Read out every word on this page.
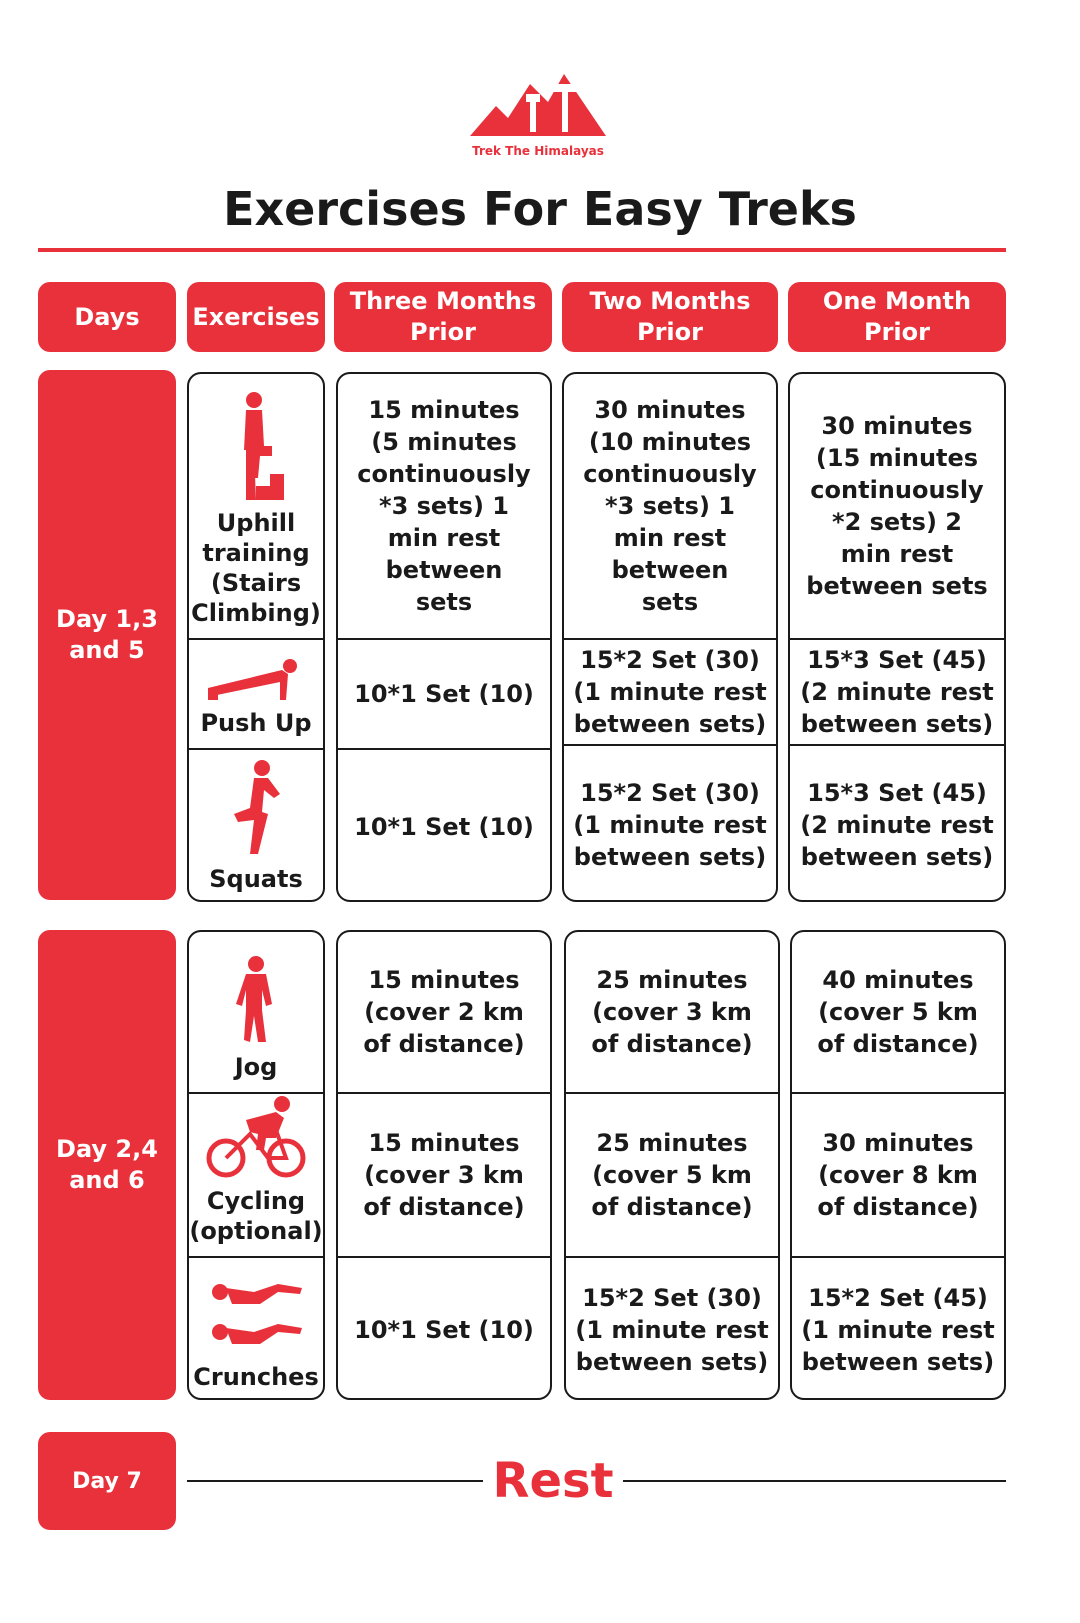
Trek The Himalayas
Exercises For Easy Treks
Days	Exercises
Three Months Prior
Two Months Prior
One Month Prior
Day 1,3 and 5
Uphill training (Stairs Climbing)
Push Up
Squats
15 minutes (5 minutes continuously *3 sets) 1 min rest between sets
10*1 Set (10)
10*1 Set (10)
30 minutes (10 minutes continuously *3 sets) 1 min rest between sets
15*2 Set (30) (1 minute rest between sets)
15*2 Set (30) (1 minute rest between sets)
30 minutes (15 minutes continuously *2 sets) 2 min rest between sets
15*3 Set (45) (2 minute rest between sets)
15*3 Set (45) (2 minute rest between sets)
Day 2,4 and 6
Jog
Cycling (optional)
Crunches
15 minutes (cover 2 km of distance)
15 minutes (cover 3 km of distance)
10*1 Set (10)
25 minutes (cover 3 km of distance)
25 minutes (cover 5 km of distance)
15*2 Set (30) (1 minute rest between sets)
40 minutes (cover 5 km of distance)
30 minutes (cover 8 km of distance)
15*2 Set (45) (1 minute rest between sets)
Day 7	Rest
